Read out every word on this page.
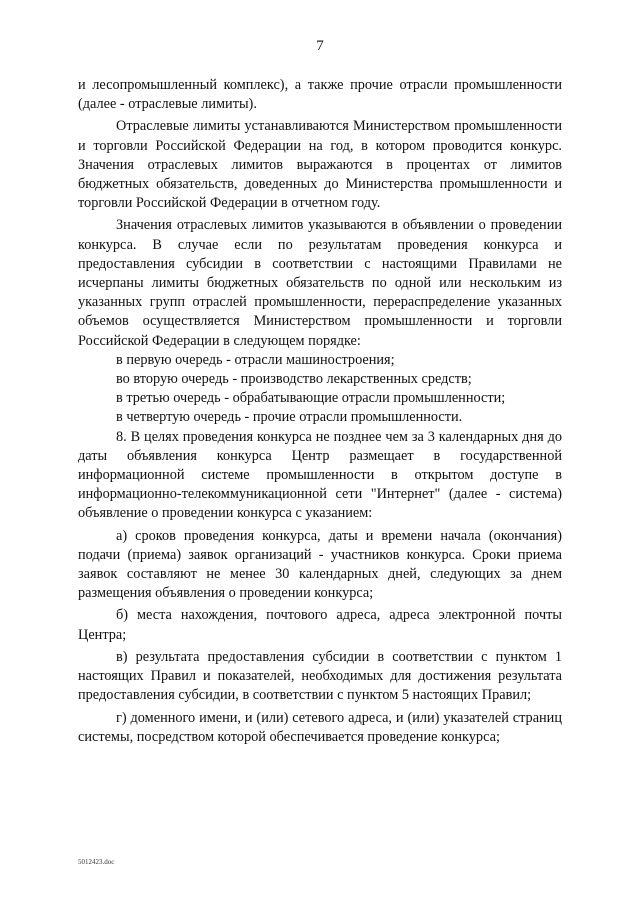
7

и лесопромышленный комплекс), а также прочие отрасли промышленности (далее - отраслевые лимиты).

Отраслевые лимиты устанавливаются Министерством промышленности и торговли Российской Федерации на год, в котором проводится конкурс. Значения отраслевых лимитов выражаются в процентах от лимитов бюджетных обязательств, доведенных до Министерства промышленности и торговли Российской Федерации в отчетном году.

Значения отраслевых лимитов указываются в объявлении о проведении конкурса. В случае если по результатам проведения конкурса и предоставления субсидии в соответствии с настоящими Правилами не исчерпаны лимиты бюджетных обязательств по одной или нескольким из указанных групп отраслей промышленности, перераспределение указанных объемов осуществляется Министерством промышленности и торговли Российской Федерации в следующем порядке:

в первую очередь - отрасли машиностроения;

во вторую очередь - производство лекарственных средств;

в третью очередь - обрабатывающие отрасли промышленности;

в четвертую очередь - прочие отрасли промышленности.

8. В целях проведения конкурса не позднее чем за 3 календарных дня до даты объявления конкурса Центр размещает в государственной информационной системе промышленности в открытом доступе в информационно-телекоммуникационной сети "Интернет" (далее - система) объявление о проведении конкурса с указанием:

а) сроков проведения конкурса, даты и времени начала (окончания) подачи (приема) заявок организаций - участников конкурса. Сроки приема заявок составляют не менее 30 календарных дней, следующих за днем размещения объявления о проведении конкурса;

б) места нахождения, почтового адреса, адреса электронной почты Центра;

в) результата предоставления субсидии в соответствии с пунктом 1 настоящих Правил и показателей, необходимых для достижения результата предоставления субсидии, в соответствии с пунктом 5 настоящих Правил;

г) доменного имени, и (или) сетевого адреса, и (или) указателей страниц системы, посредством которой обеспечивается проведение конкурса;

5012423.doc
